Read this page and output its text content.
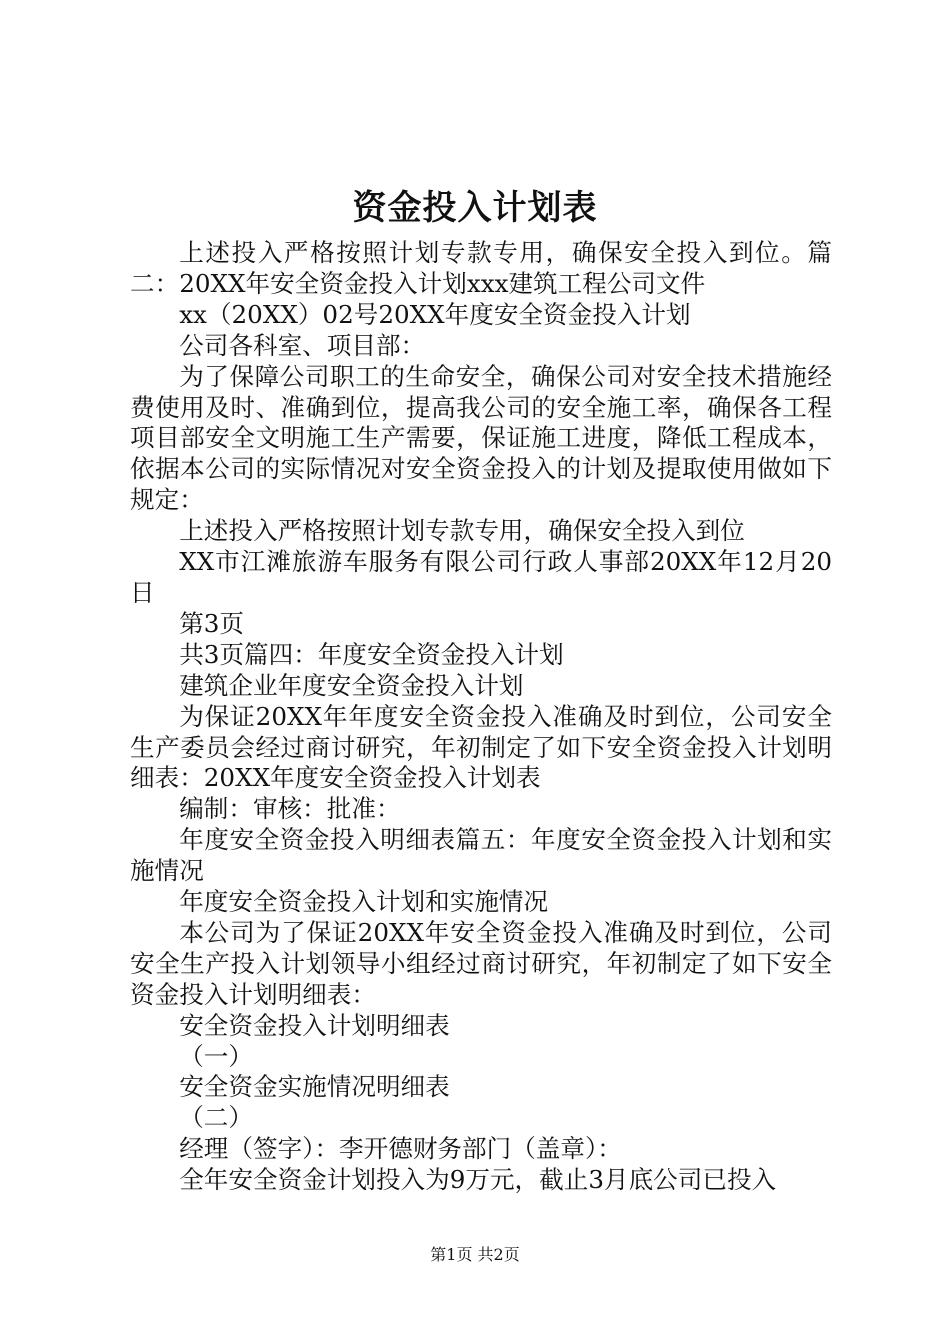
资金投入计划表

上述投入严格按照计划专款专用，确保安全投入到位。篇二：20XX年安全资金投入计划xxx建筑工程公司文件

xx（20XX）02号20XX年度安全资金投入计划

公司各科室、项目部：

为了保障公司职工的生命安全，确保公司对安全技术措施经费使用及时、准确到位，提高我公司的安全施工率，确保各工程项目部安全文明施工生产需要，保证施工进度，降低工程成本，依据本公司的实际情况对安全资金投入的计划及提取使用做如下规定：

上述投入严格按照计划专款专用，确保安全投入到位

XX市江滩旅游车服务有限公司行政人事部20XX年12月20日

第3页

共3页篇四：年度安全资金投入计划

建筑企业年度安全资金投入计划

为保证20XX年年度安全资金投入准确及时到位，公司安全生产委员会经过商讨研究，年初制定了如下安全资金投入计划明细表：20XX年度安全资金投入计划表

编制：审核：批准：

年度安全资金投入明细表篇五：年度安全资金投入计划和实施情况

年度安全资金投入计划和实施情况

本公司为了保证20XX年安全资金投入准确及时到位，公司安全生产投入计划领导小组经过商讨研究，年初制定了如下安全资金投入计划明细表：

安全资金投入计划明细表

（一）

安全资金实施情况明细表

（二）

经理（签字）：李开德财务部门（盖章）：

全年安全资金计划投入为9万元，截止3月底公司已投入

第1页 共2页
